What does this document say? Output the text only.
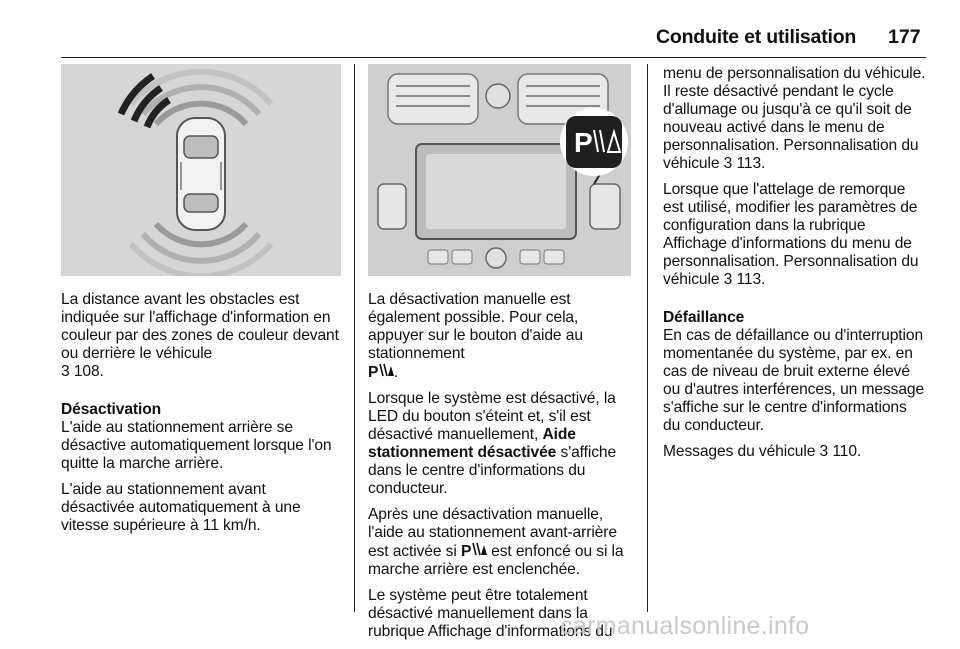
Conduite et utilisation 177
P

La distance avant les obstacles est indiquée sur l'affichage d'information en couleur par des zones de couleur devant ou derrière le véhicule
3 108.

Désactivation

L'aide au stationnement arrière se désactive automatiquement lorsque l'on quitte la marche arrière.

L'aide au stationnement avant désactivée automatiquement à une vitesse supérieure à 11 km/h.

La désactivation manuelle est également possible. Pour cela, appuyer sur le bouton d'aide au stationnement
P .

Lorsque le système est désactivé, la LED du bouton s'éteint et, s'il est désactivé manuellement, Aide stationnement désactivée s'affiche dans le centre d'informations du conducteur.

Après une désactivation manuelle, l'aide au stationnement avant-arrière est activée si P est enfoncé ou si la marche arrière est enclenchée.

Le système peut être totalement désactivé manuellement dans la rubrique Affichage d'informations du

menu de personnalisation du véhicule. Il reste désactivé pendant le cycle d'allumage ou jusqu'à ce qu'il soit de nouveau activé dans le menu de personnalisation. Personnalisation du véhicule 3 113.

Lorsque que l'attelage de remorque est utilisé, modifier les paramètres de configuration dans la rubrique Affichage d'informations du menu de personnalisation. Personnalisation du véhicule 3 113.

Défaillance

En cas de défaillance ou d'interruption momentanée du système, par ex. en cas de niveau de bruit externe élevé ou d'autres interférences, un message s'affiche sur le centre d'informations du conducteur.

Messages du véhicule 3 110.

carmanualsonline.info
